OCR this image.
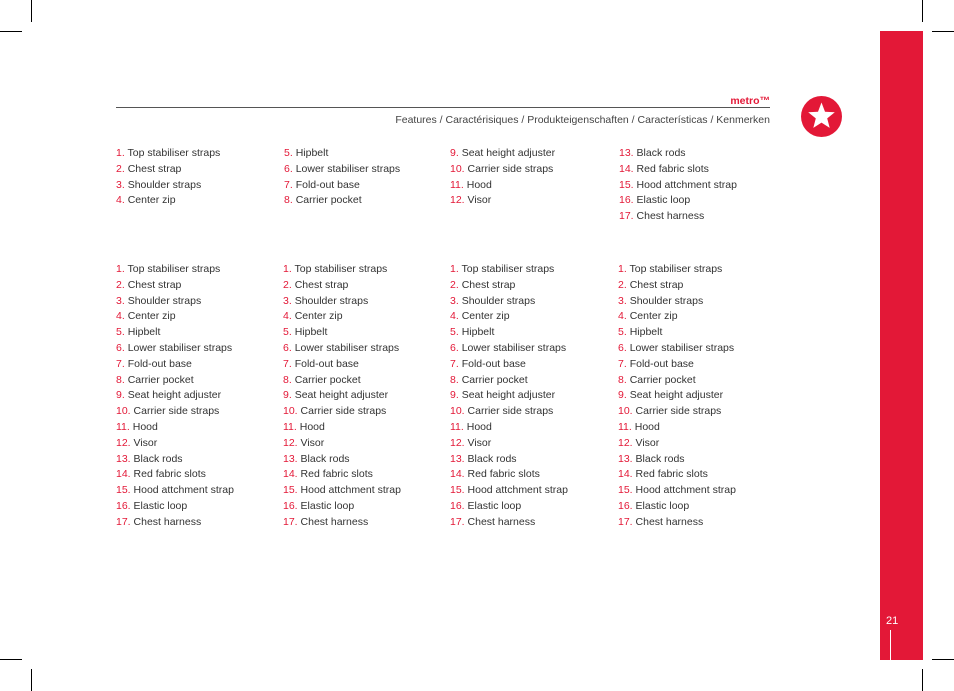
21
metro™
Features / Caractérisiques / Produkteigenschaften / Características / Kenmerken
1. Top stabiliser straps
2. Chest strap
3. Shoulder straps
4. Center zip
5. Hipbelt
6. Lower stabiliser straps
7. Fold-out base
8. Carrier pocket
9. Seat height adjuster
10. Carrier side straps
11. Hood
12. Visor
13. Black rods
14. Red fabric slots
15. Hood attchment strap
16. Elastic loop
17. Chest harness
1. Top stabiliser straps
2. Chest strap
3. Shoulder straps
4. Center zip
5. Hipbelt
6. Lower stabiliser straps
7. Fold-out base
8. Carrier pocket
9. Seat height adjuster
10. Carrier side straps
11. Hood
12. Visor
13. Black rods
14. Red fabric slots
15. Hood attchment strap
16. Elastic loop
17. Chest harness
1. Top stabiliser straps
2. Chest strap
3. Shoulder straps
4. Center zip
5. Hipbelt
6. Lower stabiliser straps
7. Fold-out base
8. Carrier pocket
9. Seat height adjuster
10. Carrier side straps
11. Hood
12. Visor
13. Black rods
14. Red fabric slots
15. Hood attchment strap
16. Elastic loop
17. Chest harness
1. Top stabiliser straps
2. Chest strap
3. Shoulder straps
4. Center zip
5. Hipbelt
6. Lower stabiliser straps
7. Fold-out base
8. Carrier pocket
9. Seat height adjuster
10. Carrier side straps
11. Hood
12. Visor
13. Black rods
14. Red fabric slots
15. Hood attchment strap
16. Elastic loop
17. Chest harness
1. Top stabiliser straps
2. Chest strap
3. Shoulder straps
4. Center zip
5. Hipbelt
6. Lower stabiliser straps
7. Fold-out base
8. Carrier pocket
9. Seat height adjuster
10. Carrier side straps
11. Hood
12. Visor
13. Black rods
14. Red fabric slots
15. Hood attchment strap
16. Elastic loop
17. Chest harness
